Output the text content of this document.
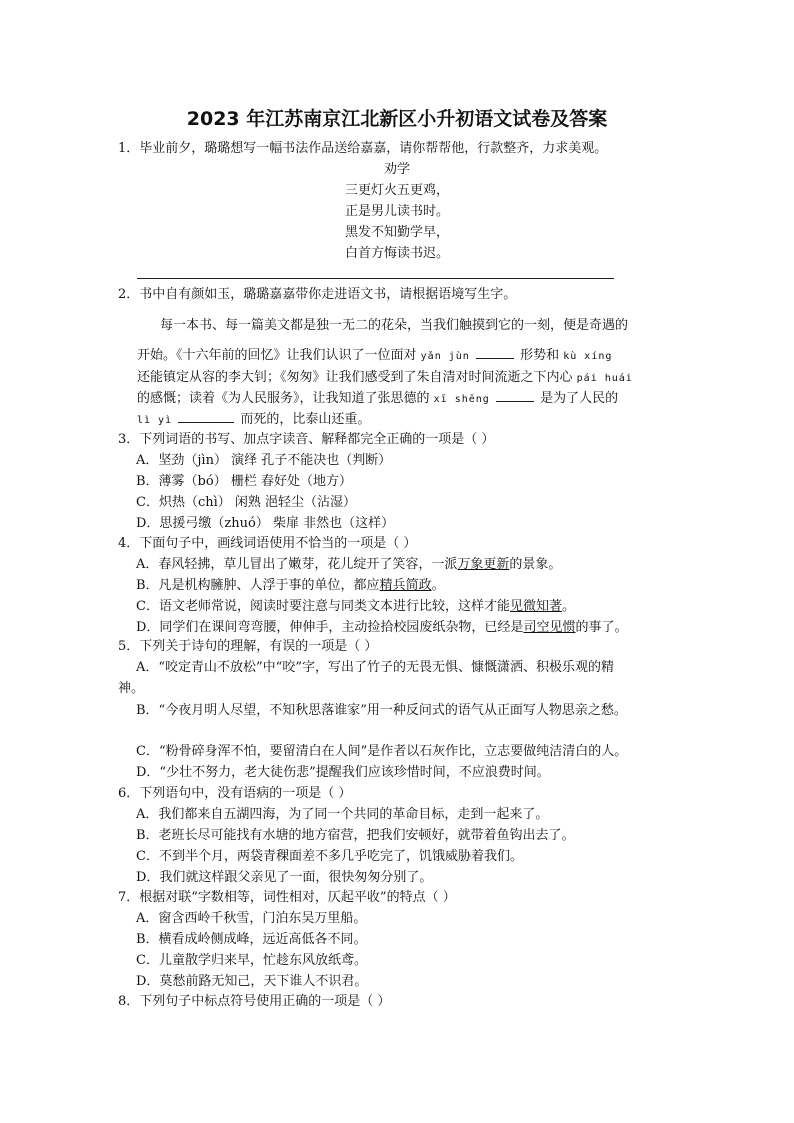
2023 年江苏南京江北新区小升初语文试卷及答案
1．毕业前夕，璐璐想写一幅书法作品送给嘉嘉，请你帮帮他，行款整齐，力求美观。
劝学
三更灯火五更鸡，
正是男儿读书时。
黑发不知勤学早，
白首方悔读书迟。
2．书中自有颜如玉，璐璐嘉嘉带你走进语文书，请根据语境写生字。
每一本书、每一篇美文都是独一无二的花朵，当我们触摸到它的一刻，便是奇遇的
开始。《十六年前的回忆》让我们认识了一位面对 yǎn jùn	形势和 kù xíng
还能镇定从容的李大钊；《匆匆》让我们感受到了朱自清对时间流逝之下内心 pái huái
的感慨；读着《为人民服务》，让我知道了张思德的 xī shēng	是为了人民的
lì yì	而死的，比泰山还重。
3．下列词语的书写、加点字读音、解释都完全正确的一项是（ ）
A．坚劲（jìn） 演绎 孔子不能决也（判断）
B．薄雾（bó） 栅栏 春好处（地方）
C．炽热（chì） 闲熟 浥轻尘（沾湿）
D．思援弓缴（zhuó） 柴扉 非然也（这样）
4．下面句子中，画线词语使用不恰当的一项是（ ）
A．春风轻拂，草儿冒出了嫩芽，花儿绽开了笑容，一派万象更新的景象。
B．凡是机构臃肿、人浮于事的单位，都应精兵简政。
C．语文老师常说，阅读时要注意与同类文本进行比较，这样才能见微知著。
D．同学们在课间弯弯腰，伸伸手，主动捡拾校园废纸杂物，已经是司空见惯的事了。
5．下列关于诗句的理解，有误的一项是（ ）
A．“咬定青山不放松”中“咬”字，写出了竹子的无畏无惧、慷慨潇洒、积极乐观的精
神。
B．“今夜月明人尽望，不知秋思落谁家”用一种反问式的语气从正面写人物思亲之愁。
C．“粉骨碎身浑不怕，要留清白在人间”是作者以石灰作比，立志要做纯洁清白的人。
D．“少壮不努力，老大徒伤悲”提醒我们应该珍惜时间，不应浪费时间。
6．下列语句中，没有语病的一项是（ ）
A．我们都来自五湖四海，为了同一个共同的革命目标，走到一起来了。
B．老班长尽可能找有水塘的地方宿营，把我们安顿好，就带着鱼钩出去了。
C．不到半个月，两袋青稞面差不多几乎吃完了，饥饿威胁着我们。
D．我们就这样跟父亲见了一面，很快匆匆分别了。
7．根据对联“字数相等，词性相对，仄起平收”的特点（ ）
A．窗含西岭千秋雪，门泊东吴万里船。
B．横看成岭侧成峰，远近高低各不同。
C．儿童散学归来早，忙趁东风放纸鸢。
D．莫愁前路无知己，天下谁人不识君。
8．下列句子中标点符号使用正确的一项是（ ）
